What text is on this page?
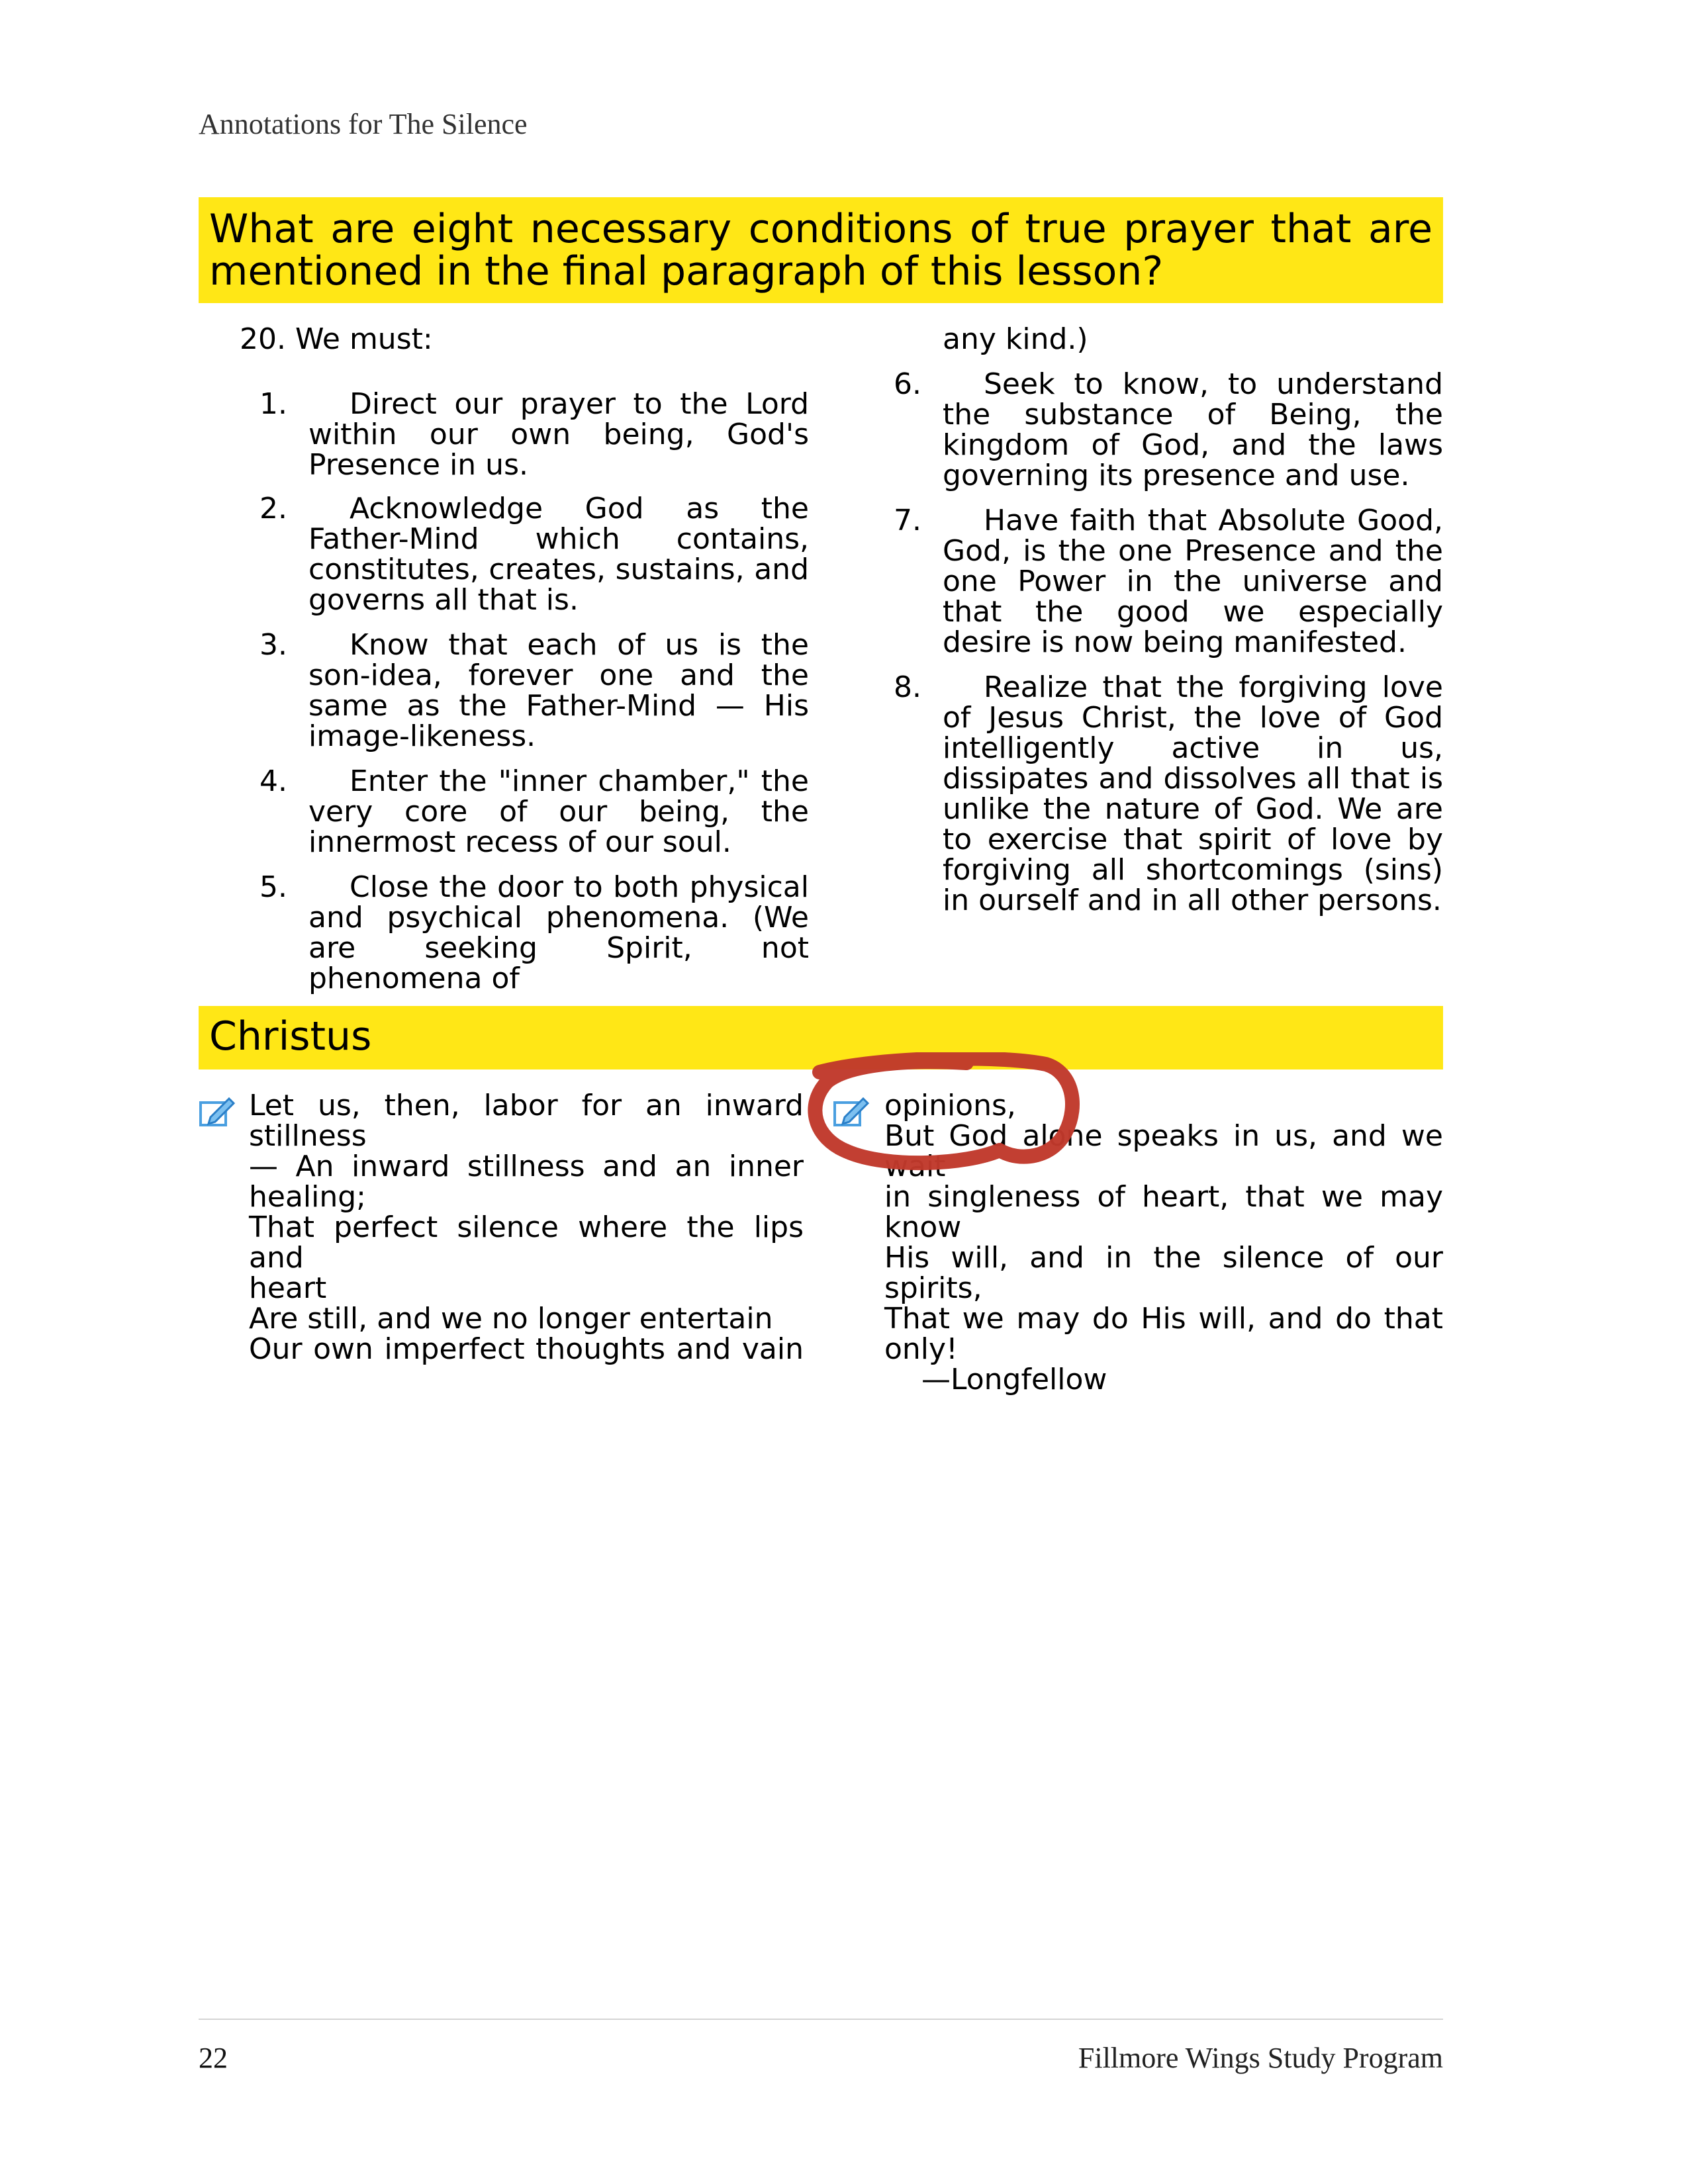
Annotations for The Silence
What are eight necessary conditions of true prayer that are
mentioned in the final paragraph of this lesson?
20. We must:
1.	Direct our prayer to the Lord within our own being, God's Presence in us.
2.	Acknowledge God as the Father-Mind which contains, constitutes, creates, sustains, and governs all that is.
3.	Know that each of us is the son-idea, forever one and the same as the Father-Mind — His image-likeness.
4.	Enter the "inner chamber," the very core of our being, the innermost recess of our soul.
5.	Close the door to both physical and psychical phenomena. (We are seeking Spirit, not phenomena of
any kind.)
6.	Seek to know, to understand the substance of Being, the kingdom of God, and the laws governing its presence and use.
7.	Have faith that Absolute Good, God, is the one Presence and the one Power in the universe and that the good we especially desire is now being manifested.
8.	Realize that the forgiving love of Jesus Christ, the love of God intelligently active in us, dissipates and dissolves all that is unlike the nature of God. We are to exercise that spirit of love by forgiving all shortcomings (sins) in ourself and in all other persons.
Christus
Let us, then, labor for an inward stillness
— An inward stillness and an inner
healing;
That perfect silence where the lips and
heart
Are still, and we no longer entertain
Our own imperfect thoughts and vain
opinions,
But God alone speaks in us, and we wait
in singleness of heart, that we may know
His will, and in the silence of our spirits,
That we may do His will, and do that
only!
—Longfellow
22	Fillmore Wings Study Program
